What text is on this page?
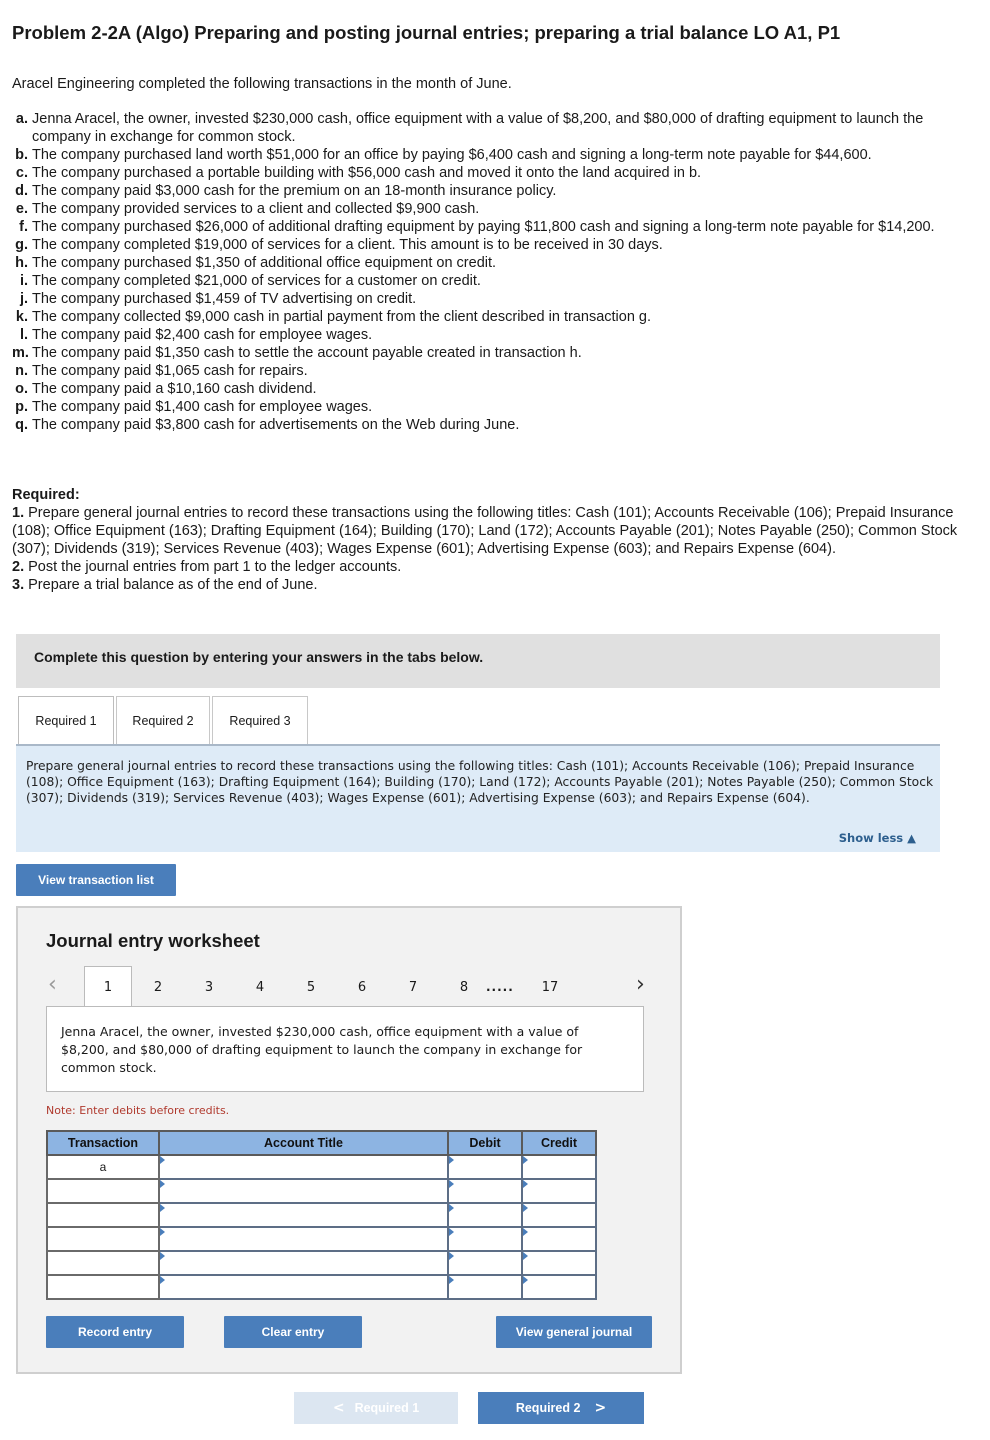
Problem 2-2A (Algo) Preparing and posting journal entries; preparing a trial balance LO A1, P1
Aracel Engineering completed the following transactions in the month of June.
a. Jenna Aracel, the owner, invested $230,000 cash, office equipment with a value of $8,200, and $80,000 of drafting equipment to launch the company in exchange for common stock.
b. The company purchased land worth $51,000 for an office by paying $6,400 cash and signing a long-term note payable for $44,600.
c. The company purchased a portable building with $56,000 cash and moved it onto the land acquired in b.
d. The company paid $3,000 cash for the premium on an 18-month insurance policy.
e. The company provided services to a client and collected $9,900 cash.
f. The company purchased $26,000 of additional drafting equipment by paying $11,800 cash and signing a long-term note payable for $14,200.
g. The company completed $19,000 of services for a client. This amount is to be received in 30 days.
h. The company purchased $1,350 of additional office equipment on credit.
i. The company completed $21,000 of services for a customer on credit.
j. The company purchased $1,459 of TV advertising on credit.
k. The company collected $9,000 cash in partial payment from the client described in transaction g.
l. The company paid $2,400 cash for employee wages.
m. The company paid $1,350 cash to settle the account payable created in transaction h.
n. The company paid $1,065 cash for repairs.
o. The company paid a $10,160 cash dividend.
p. The company paid $1,400 cash for employee wages.
q. The company paid $3,800 cash for advertisements on the Web during June.
Required:
1. Prepare general journal entries to record these transactions using the following titles: Cash (101); Accounts Receivable (106); Prepaid Insurance (108); Office Equipment (163); Drafting Equipment (164); Building (170); Land (172); Accounts Payable (201); Notes Payable (250); Common Stock (307); Dividends (319); Services Revenue (403); Wages Expense (601); Advertising Expense (603); and Repairs Expense (604).
2. Post the journal entries from part 1 to the ledger accounts.
3. Prepare a trial balance as of the end of June.
Complete this question by entering your answers in the tabs below.
Required 1	Required 2	Required 3

Prepare general journal entries to record these transactions using the following titles: Cash (101); Accounts Receivable (106); Prepaid Insurance (108); Office Equipment (163); Drafting Equipment (164); Building (170); Land (172); Accounts Payable (201); Notes Payable (250); Common Stock (307); Dividends (319); Services Revenue (403); Wages Expense (601); Advertising Expense (603); and Repairs Expense (604).

Show less ▲
View transaction list
Journal entry worksheet
‹	1	2	3	4	5	6	7	8	..... 17	›

Jenna Aracel, the owner, invested $230,000 cash, office equipment with a value of $8,200, and $80,000 of drafting equipment to launch the company in exchange for common stock.

Note: Enter debits before credits.
Transaction	Account Title	Debit	Credit
a			

Record entry	Clear entry	View general journal
< Required 1	Required 2 >
